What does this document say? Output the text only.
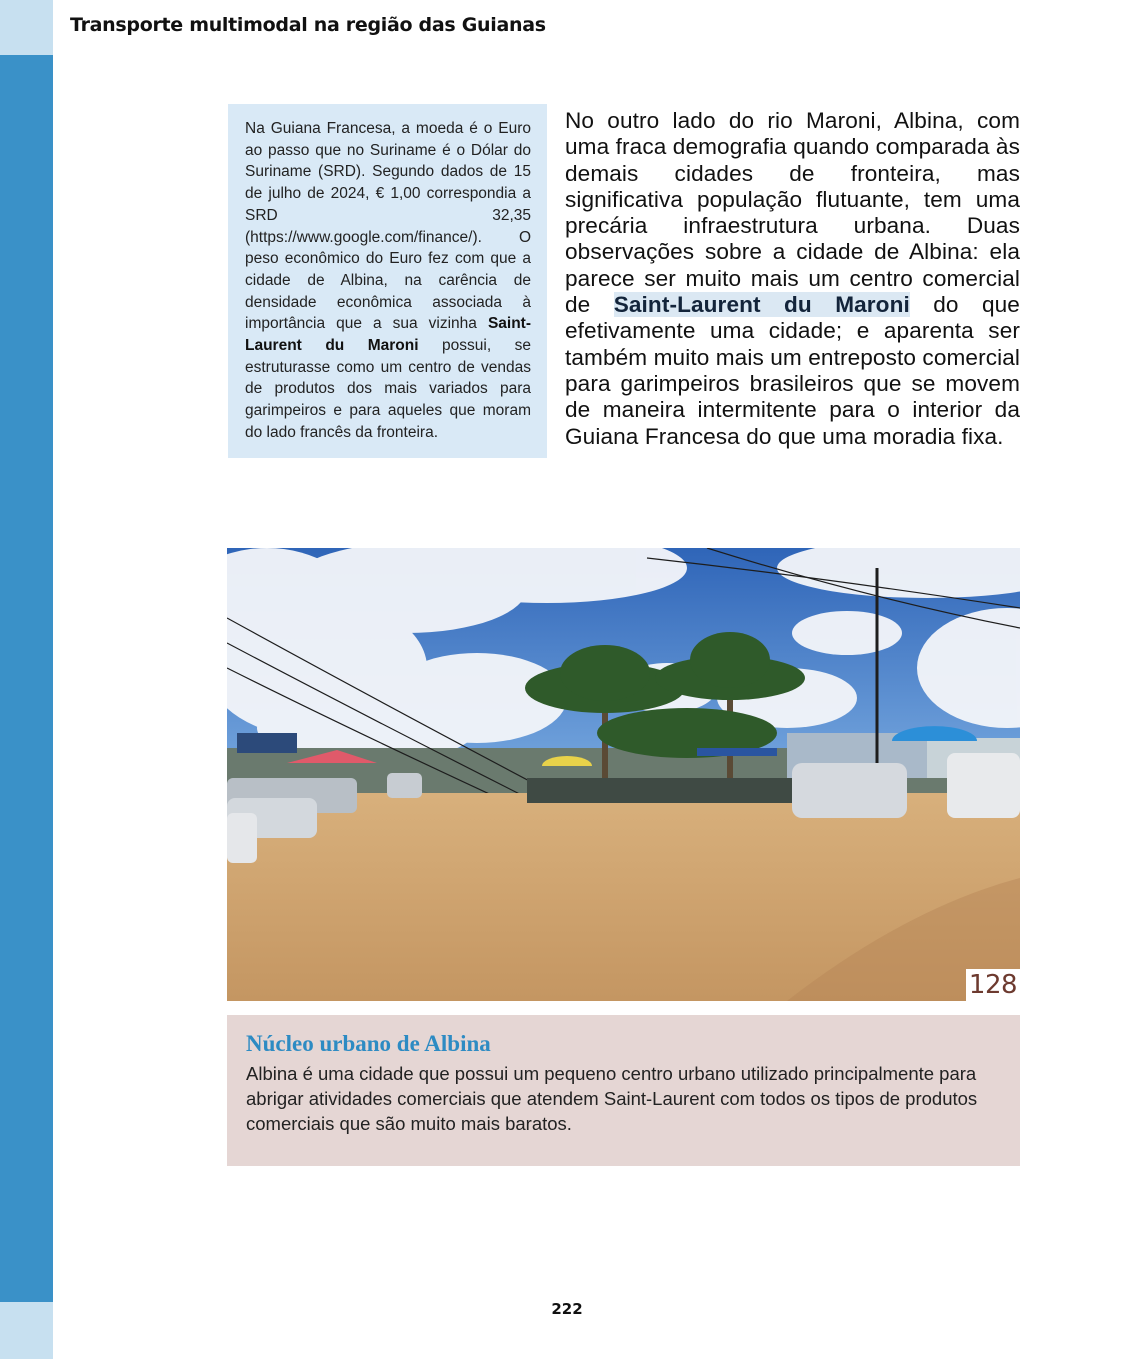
Transporte multimodal na região das Guianas

Na Guiana Francesa, a moeda é o Euro ao passo que no Suriname é o Dólar do Suriname (SRD). Segundo dados de 15 de julho de 2024, € 1,00 correspondia a SRD 32,35 (https://www.google.com/finance/). O peso econômico do Euro fez com que a cidade de Albina, na carência de densidade econômica associada à importância que a sua vizinha Saint-Laurent du Maroni possui, se estruturasse como um centro de vendas de produtos dos mais variados para garimpeiros e para aqueles que moram do lado francês da fronteira.

No outro lado do rio Maroni, Albina, com uma fraca demografia quando comparada às demais cidades de fronteira, mas significativa população flutuante, tem uma precária infraestrutura urbana. Duas observações sobre a cidade de Albina: ela parece ser muito mais um centro comercial de Saint-Laurent du Maroni do que efetivamente uma cidade; e aparenta ser também muito mais um entreposto comercial para garimpeiros brasileiros que se movem de maneira intermitente para o interior da Guiana Francesa do que uma moradia fixa.

128
Núcleo urbano de Albina

Albina é uma cidade que possui um pequeno centro urbano utilizado principalmente para abrigar atividades comerciais que atendem Saint-Laurent com todos os tipos de produtos comerciais que são muito mais baratos.

222
